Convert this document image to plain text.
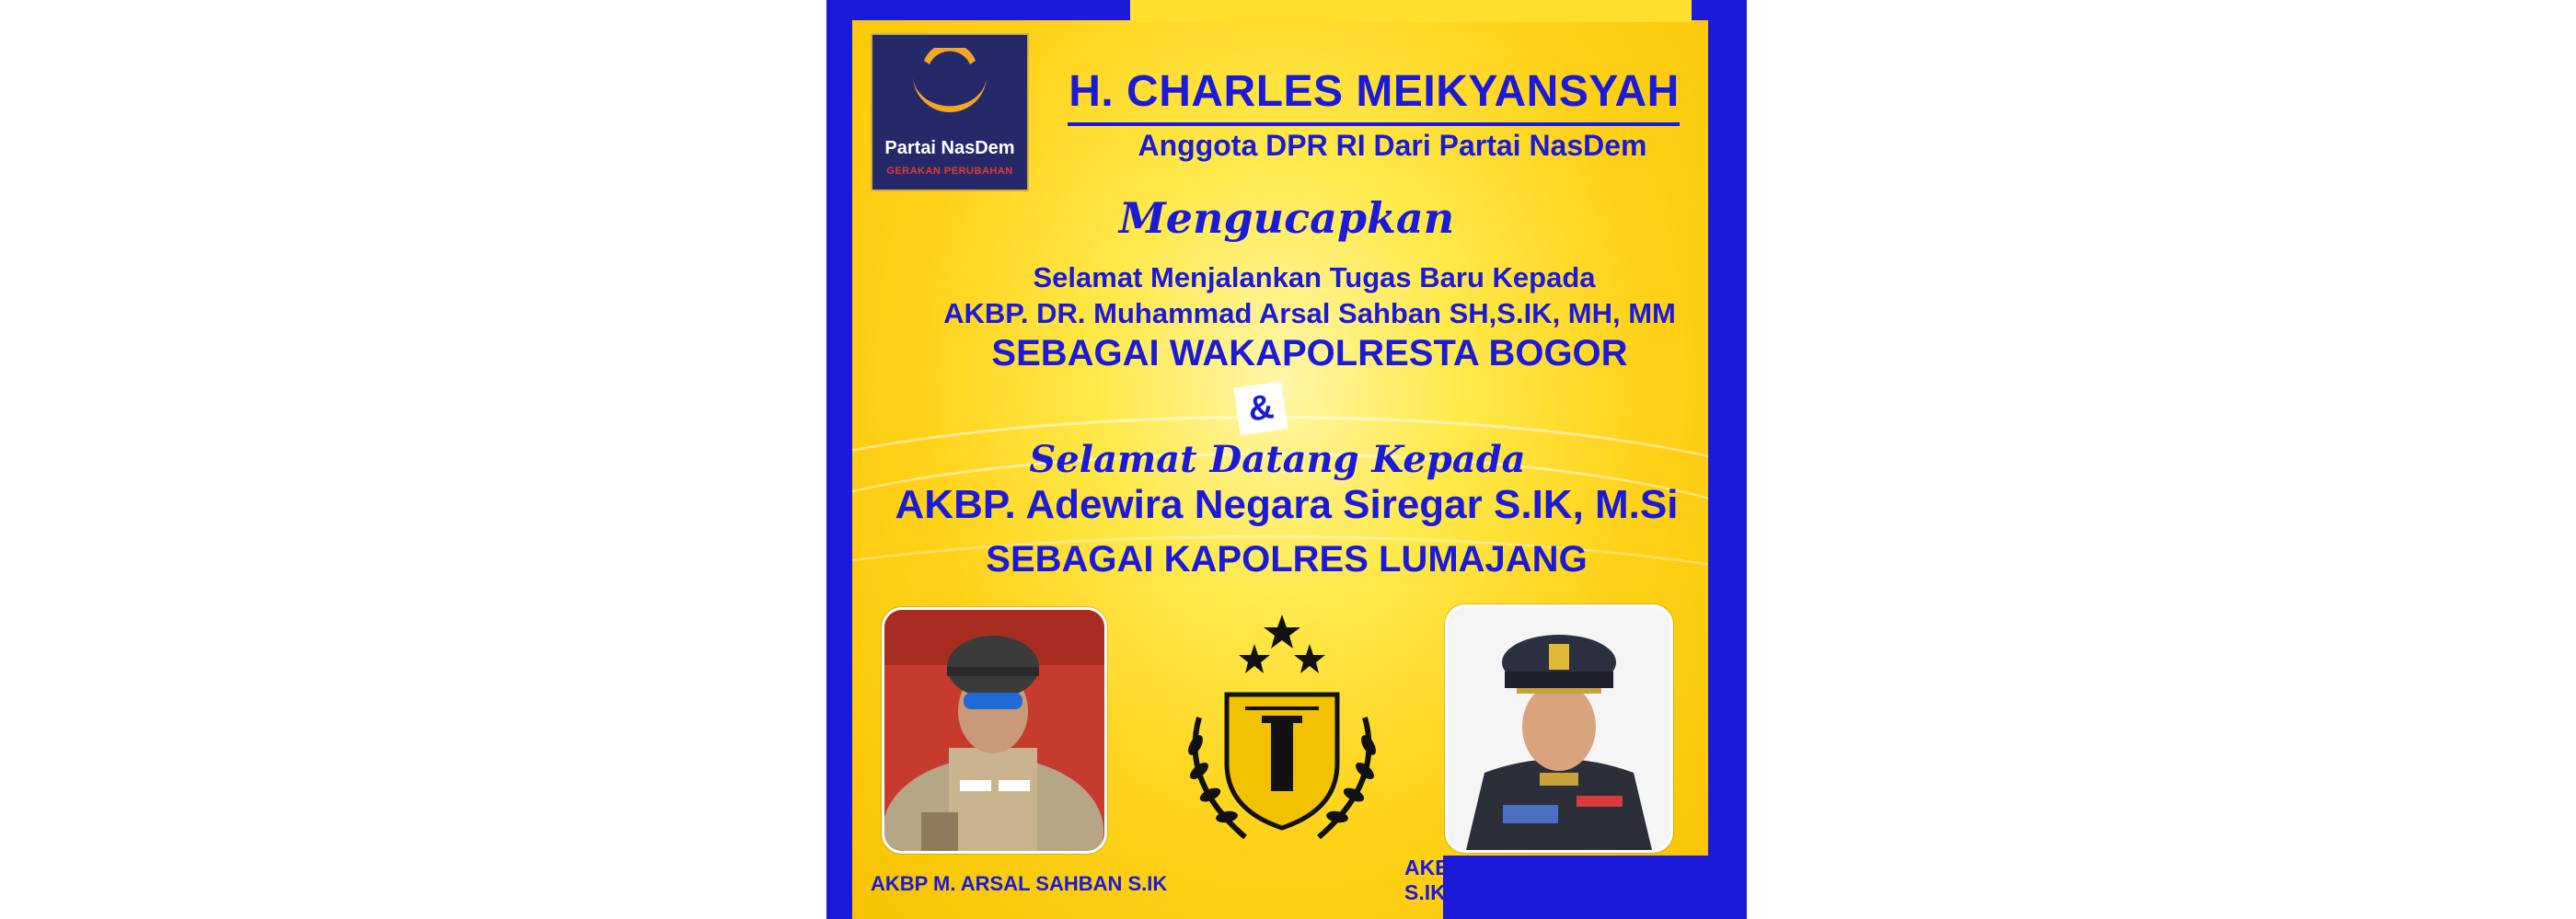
Partai NasDem
GERAKAN PERUBAHAN
H. CHARLES MEIKYANSYAH
Anggota DPR RI Dari Partai NasDem
Mengucapkan
Selamat Menjalankan Tugas Baru Kepada
AKBP. DR. Muhammad Arsal Sahban SH,S.IK, MH, MM
SEBAGAI WAKAPOLRESTA BOGOR
&
Selamat Datang Kepada
AKBP. Adewira Negara Siregar S.IK, M.Si
SEBAGAI KAPOLRES LUMAJANG
AKBP M. ARSAL SAHBAN S.IK
AKBP Adewira Negara Siregar S.IK
